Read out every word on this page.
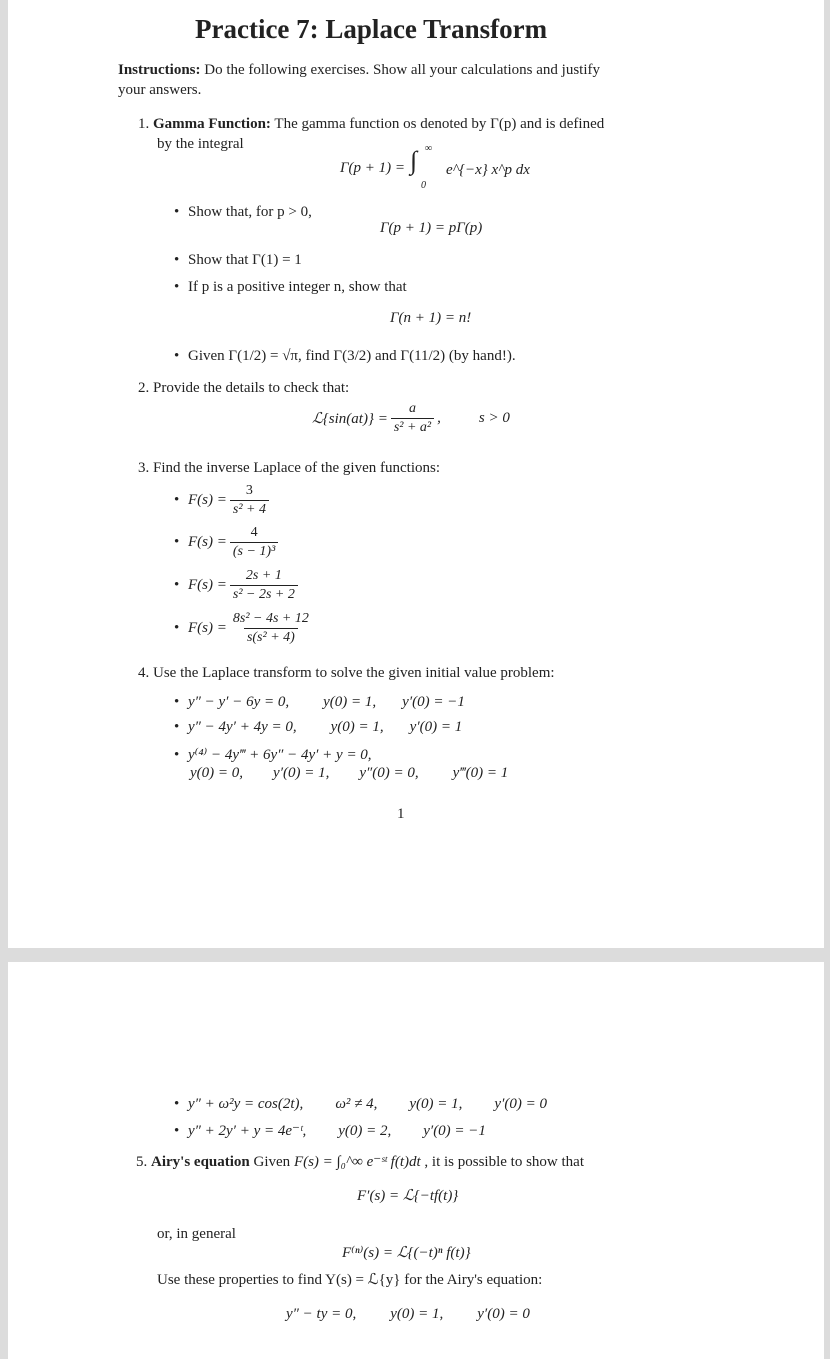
Practice 7: Laplace Transform
Instructions: Do the following exercises. Show all your calculations and justify
your answers.
1. Gamma Function: The gamma function os denoted by Γ(p) and is defined
by the integral
Γ(p + 1) = ∫ ∞
0
e^{−x} x^p dx
• Show that, for p > 0,
Γ(p + 1) = pΓ(p)
• Show that Γ(1) = 1
• If p is a positive integer n, show that
Γ(n + 1) = n!
• Given Γ(1/2) = √π, find Γ(3/2) and Γ(11/2) (by hand!).
2. Provide the details to check that:
ℒ{sin(at)} = $\frac{a}{\text{s² + a²}}$ ,	s > 0
3. Find the inverse Laplace of the given functions:
• $F(s) = \frac{3}{\text{s² + 4}}$
• $F(s) = \frac{4}{\text{(s − 1)³}}$
• $F(s) = \frac{2s + 1}{\text{s² − 2s + 2}}$
• $F(s) = \frac{\text{8s² − 4s + 12}}{\text{s(s² + 4)}}$
4. Use the Laplace transform to solve the given initial value problem:
• y″ − y′ − 6y = 0, y(0) = 1, y′(0) = −1
• y″ − 4y′ + 4y = 0, y(0) = 1, y′(0) = 1
• y⁽⁴⁾ − 4y‴ + 6y″ − 4y′ + y = 0,
y(0) = 0, y′(0) = 1, y″(0) = 0, y‴(0) = 1
1
• y″ + ω²y = cos(2t), ω² ≠ 4, y(0) = 1, y′(0) = 0
• y″ + 2y′ + y = 4e⁻ᵗ, y(0) = 2, y′(0) = −1
5. Airy's equation Given F(s) = ∫₀^∞ e⁻ˢᵗ f(t)dt , it is possible to show that
F′(s) = ℒ{−tf(t)}
or, in general
F⁽ⁿ⁾(s) = ℒ{(−t)ⁿ f(t)}
Use these properties to find Y(s) = ℒ{y} for the Airy's equation:
y″ − ty = 0, y(0) = 1, y′(0) = 0
